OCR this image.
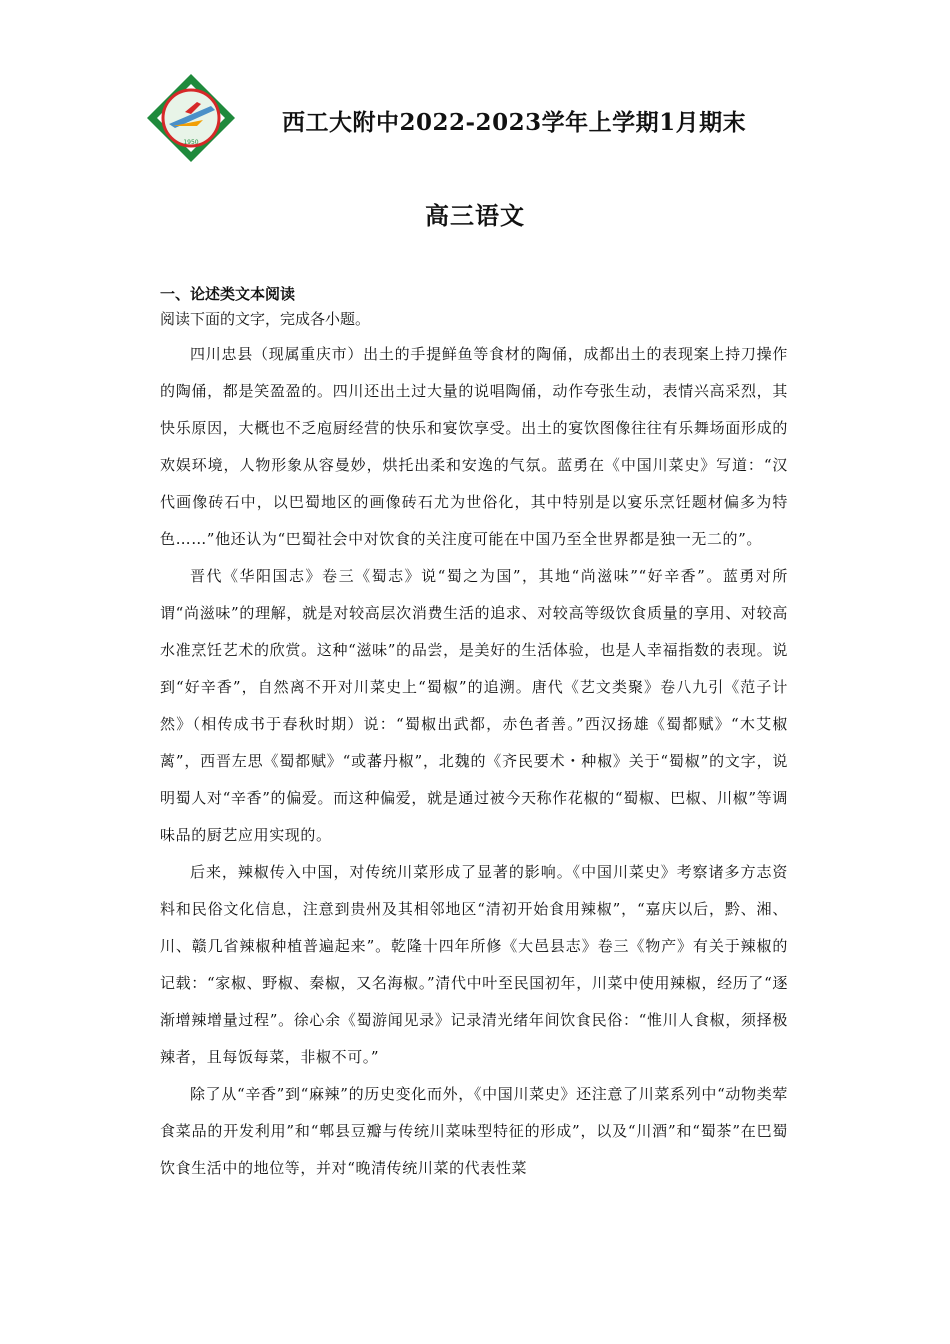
1950
西工大附中2022-2023学年上学期1月期末
高三语文
一、论述类文本阅读
阅读下面的文字，完成各小题。

四川忠县（现属重庆市）出土的手提鲜鱼等食材的陶俑，成都出土的表现案上持刀操作的陶俑，都是笑盈盈的。四川还出土过大量的说唱陶俑，动作夸张生动，表情兴高采烈，其快乐原因，大概也不乏庖厨经营的快乐和宴饮享受。出土的宴饮图像往往有乐舞场面形成的欢娱环境，人物形象从容曼妙，烘托出柔和安逸的气氛。蓝勇在《中国川菜史》写道：“汉代画像砖石中，以巴蜀地区的画像砖石尤为世俗化，其中特别是以宴乐烹饪题材偏多为特色……”他还认为“巴蜀社会中对饮食的关注度可能在中国乃至全世界都是独一无二的”。

晋代《华阳国志》卷三《蜀志》说“蜀之为国”，其地“尚滋味”“好辛香”。蓝勇对所谓“尚滋味”的理解，就是对较高层次消费生活的追求、对较高等级饮食质量的享用、对较高水准烹饪艺术的欣赏。这种“滋味”的品尝，是美好的生活体验，也是人幸福指数的表现。说到“好辛香”，自然离不开对川菜史上“蜀椒”的追溯。唐代《艺文类聚》卷八九引《范子计然》（相传成书于春秋时期）说：“蜀椒出武都，赤色者善。”西汉扬雄《蜀都赋》“木艾椒蓠”，西晋左思《蜀都赋》“或蕃丹椒”，北魏的《齐民要术・种椒》关于“蜀椒”的文字，说明蜀人对“辛香”的偏爱。而这种偏爱，就是通过被今天称作花椒的“蜀椒、巴椒、川椒”等调味品的厨艺应用实现的。

后来，辣椒传入中国，对传统川菜形成了显著的影响。《中国川菜史》考察诸多方志资料和民俗文化信息，注意到贵州及其相邻地区“清初开始食用辣椒”，“嘉庆以后，黔、湘、川、赣几省辣椒种植普遍起来”。乾隆十四年所修《大邑县志》卷三《物产》有关于辣椒的记载：“家椒、野椒、秦椒，又名海椒。”清代中叶至民国初年，川菜中使用辣椒，经历了“逐渐增辣增量过程”。徐心余《蜀游闻见录》记录清光绪年间饮食民俗：“惟川人食椒，须择极辣者，且每饭每菜，非椒不可。”

除了从“辛香”到“麻辣”的历史变化而外，《中国川菜史》还注意了川菜系列中“动物类荤食菜品的开发利用”和“郫县豆瓣与传统川菜味型特征的形成”，以及“川酒”和“蜀茶”在巴蜀饮食生活中的地位等，并对“晚清传统川菜的代表性菜
